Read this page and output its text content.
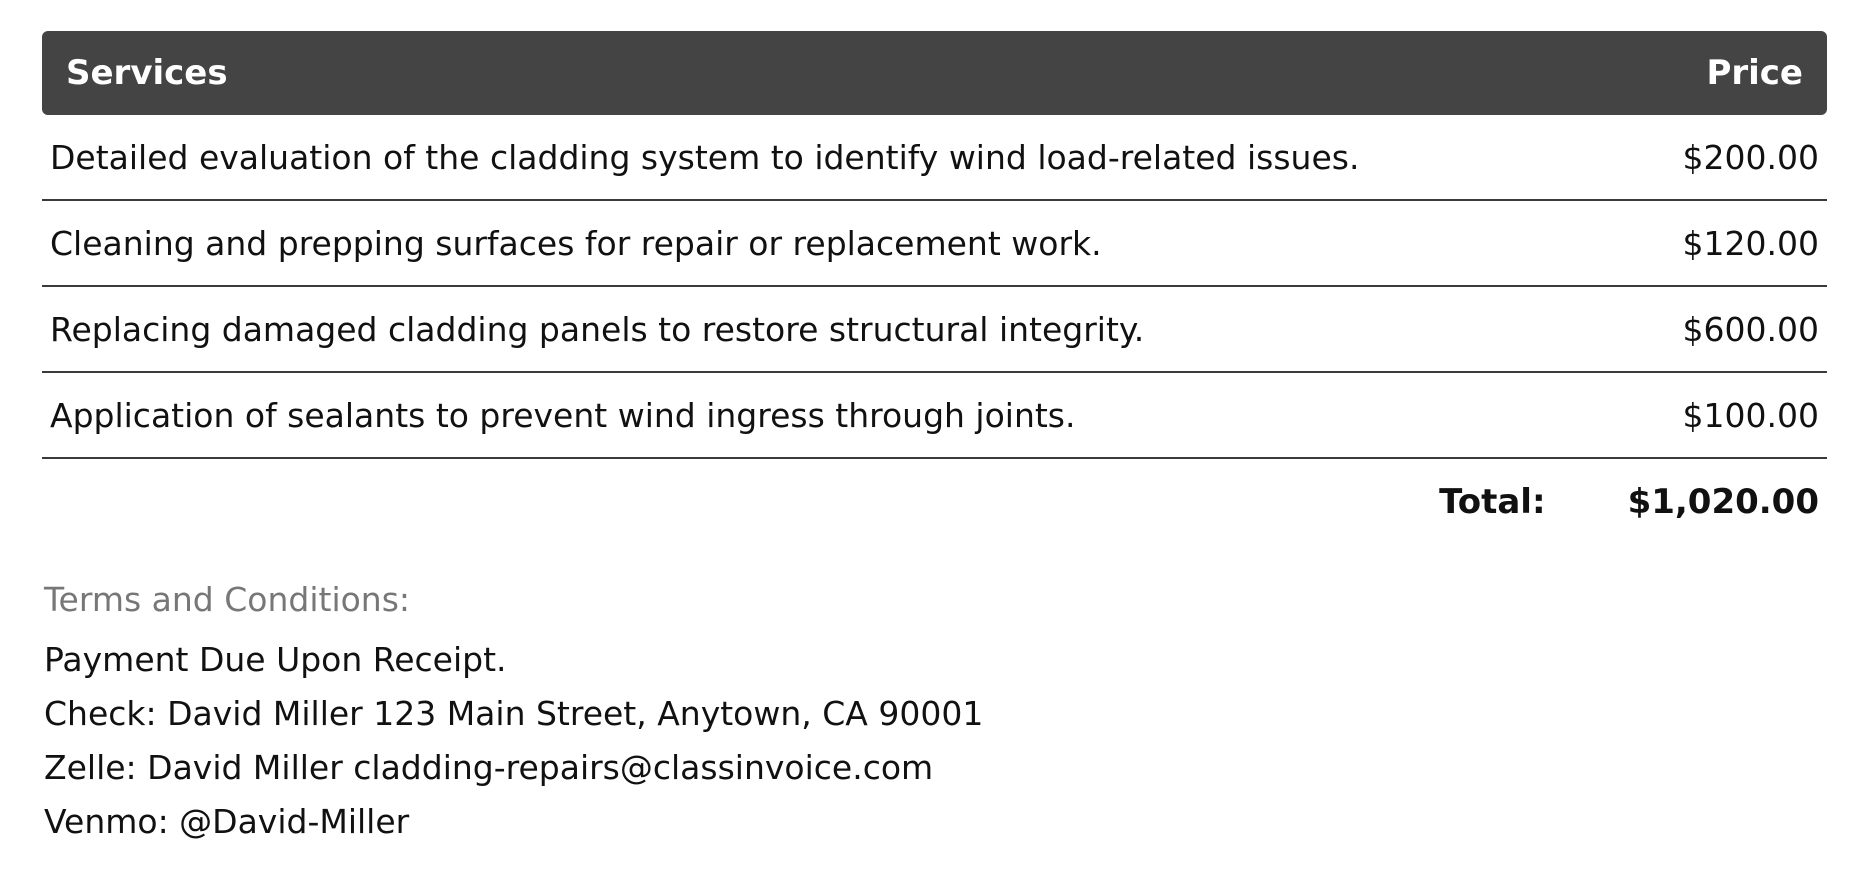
Services	Price
Detailed evaluation of the cladding system to identify wind load-related issues.	$200.00
Cleaning and prepping surfaces for repair or replacement work.	$120.00
Replacing damaged cladding panels to restore structural integrity.	$600.00
Application of sealants to prevent wind ingress through joints.	$100.00
Total: $1,020.00
Terms and Conditions:
Payment Due Upon Receipt.
Check: David Miller 123 Main Street, Anytown, CA 90001
Zelle: David Miller cladding-repairs@classinvoice.com
Venmo: @David-Miller
